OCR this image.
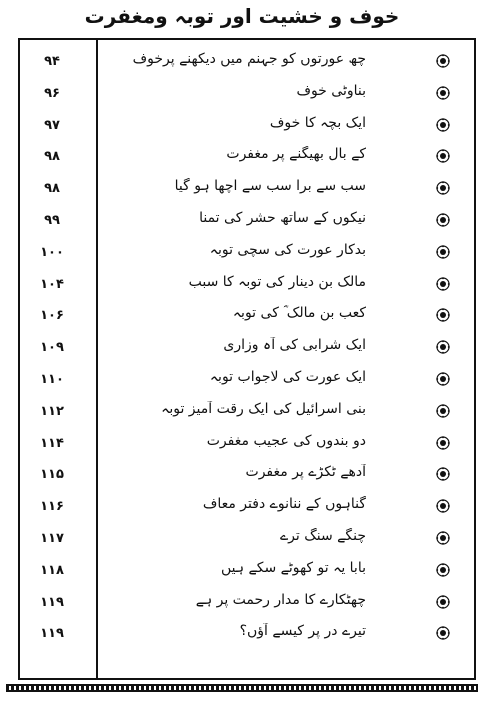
خوف و خشیت اور توبہ ومغفرت
۹۴	چھ عورتوں کو جہنم میں دیکھنے پرخوف
۹۶	بناوٹی خوف
۹۷	ایک بچہ کا خوف
۹۸	کے بال بھیگنے پر مغفرت
۹۸	سب سے برا سب سے اچھا ہو گیا
۹۹	نیکوں کے ساتھ حشر کی تمنا
۱۰۰	بدکار عورت کی سچی توبہ
۱۰۴	مالک بن دینار کی توبہ کا سبب
۱۰۶	کعب بن مالک ؓ کی توبہ
۱۰۹	ایک شرابی کی آہ وزاری
۱۱۰	ایک عورت کی لاجواب توبہ
۱۱۲	بنی اسرائیل کی ایک رقت آمیز توبہ
۱۱۴	دو بندوں کی عجیب مغفرت
۱۱۵	آدھے ٹکڑے پر مغفرت
۱۱۶	گناہوں کے ننانوے دفتر معاف
۱۱۷	چنگے سنگ ترے
۱۱۸	بابا یہ تو کھوٹے سکے ہیں
۱۱۹	چھٹکارے کا مدار رحمت پر ہے
۱۱۹	تیرے در پر کیسے آؤں؟
